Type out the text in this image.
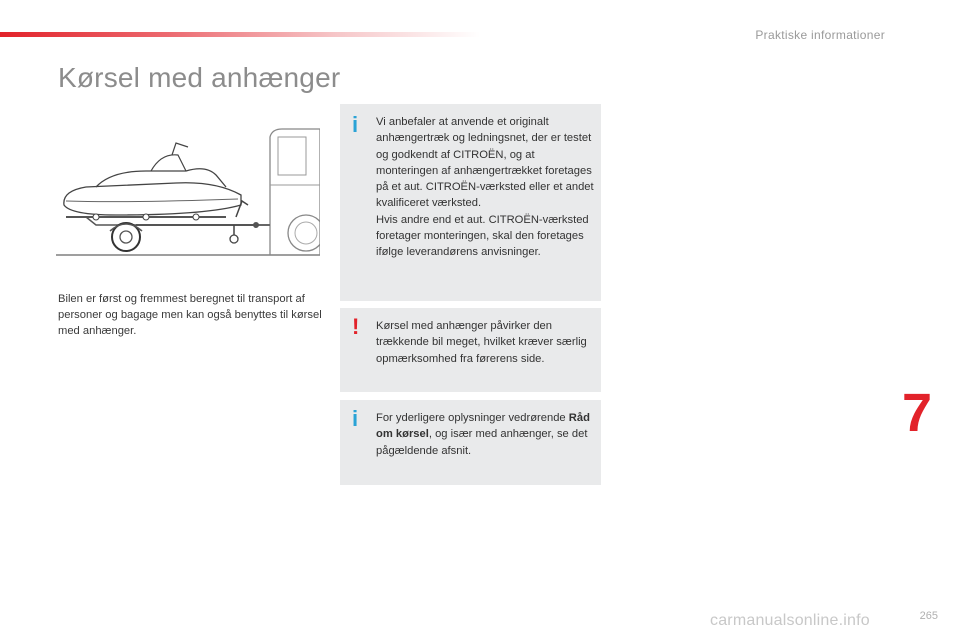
Praktiske informationer
Kørsel med anhænger

Bilen er først og fremmest beregnet til transport af personer og bagage men kan også benyttes til kørsel med anhænger.

i Vi anbefaler at anvende et originalt anhængertræk og ledningsnet, der er testet og godkendt af CITROËN, og at monteringen af anhængertrækket foretages på et aut. CITROËN-værksted eller et andet kvalificeret værksted.

Hvis andre end et aut. CITROËN-værksted foretager monteringen, skal den foretages ifølge leverandørens anvisninger.

! Kørsel med anhænger påvirker den trækkende bil meget, hvilket kræver særlig opmærksomhed fra førerens side.

i For yderligere oplysninger vedrørende Råd om kørsel, og især med anhænger, se det pågældende afsnit.

7
carmanualsonline.info	265
